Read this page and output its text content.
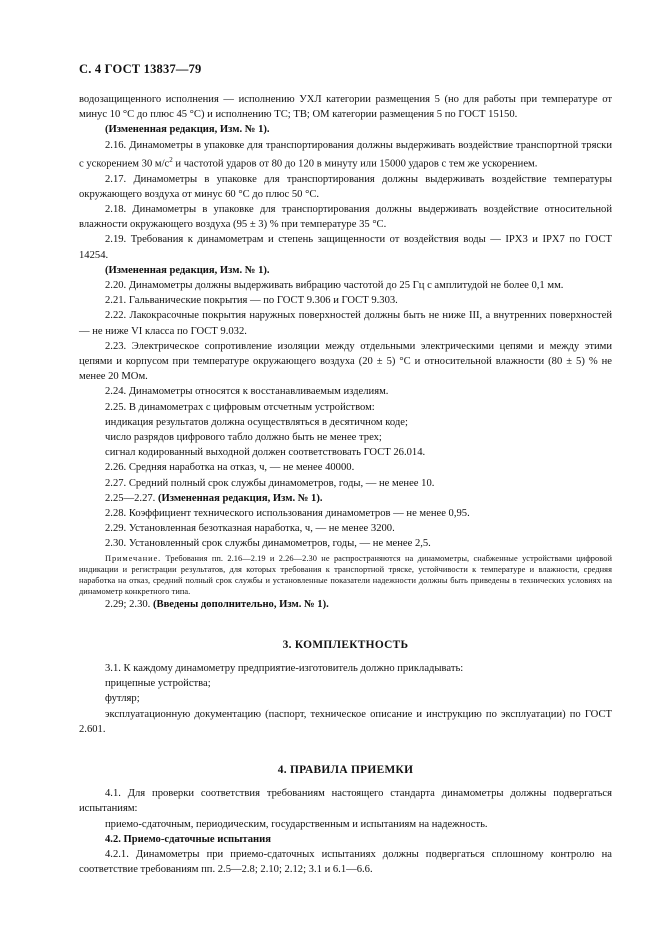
С. 4 ГОСТ 13837—79

водозащищенного исполнения — исполнению УХЛ категории размещения 5 (но для работы при температуре от минус 10 °С до плюс 45 °С) и исполнению ТС; ТВ; ОМ категории размещения 5 по ГОСТ 15150.

(Измененная редакция, Изм. № 1).

2.16. Динамометры в упаковке для транспортирования должны выдерживать воздействие транспортной тряски с ускорением 30 $м/с^2$ и частотой ударов от 80 до 120 в минуту или 15000 ударов с тем же ускорением.

2.17. Динамометры в упаковке для транспортирования должны выдерживать воздействие температуры окружающего воздуха от минус 60 °С до плюс 50 °С.

2.18. Динамометры в упаковке для транспортирования должны выдерживать воздействие относительной влажности окружающего воздуха (95 ± 3) % при температуре 35 °С.

2.19. Требования к динамометрам и степень защищенности от воздействия воды — IPX3 и IPX7 по ГОСТ 14254.

(Измененная редакция, Изм. № 1).

2.20. Динамометры должны выдерживать вибрацию частотой до 25 Гц с амплитудой не более 0,1 мм.

2.21. Гальванические покрытия — по ГОСТ 9.306 и ГОСТ 9.303.

2.22. Лакокрасочные покрытия наружных поверхностей должны быть не ниже III, а внутренних поверхностей — не ниже VI класса по ГОСТ 9.032.

2.23. Электрическое сопротивление изоляции между отдельными электрическими цепями и между этими цепями и корпусом при температуре окружающего воздуха (20 ± 5) °С и относительной влажности (80 ± 5) % не менее 20 МОм.

2.24. Динамометры относятся к восстанавливаемым изделиям.

2.25. В динамометрах с цифровым отсчетным устройством:

индикация результатов должна осуществляться в десятичном коде;

число разрядов цифрового табло должно быть не менее трех;

сигнал кодированный выходной должен соответствовать ГОСТ 26.014.

2.26. Средняя наработка на отказ, ч, — не менее 40000.

2.27. Средний полный срок службы динамометров, годы, — не менее 10.

2.25—2.27. (Измененная редакция, Изм. № 1).

2.28. Коэффициент технического использования динамометров — не менее 0,95.

2.29. Установленная безотказная наработка, ч, — не менее 3200.

2.30. Установленный срок службы динамометров, годы, — не менее 2,5.

Примечание. Требования пп. 2.16—2.19 и 2.26—2.30 не распространяются на динамометры, снабженные устройствами цифровой индикации и регистрации результатов, для которых требования к транспортной тряске, устойчивости к температуре и влажности, средняя наработка на отказ, средний полный срок службы и установленные показатели надежности должны быть приведены в технических условиях на динамометр конкретного типа.

2.29; 2.30. (Введены дополнительно, Изм. № 1).

3. КОМПЛЕКТНОСТЬ

3.1. К каждому динамометру предприятие-изготовитель должно прикладывать:

прицепные устройства;

футляр;

эксплуатационную документацию (паспорт, техническое описание и инструкцию по эксплуатации) по ГОСТ 2.601.

4. ПРАВИЛА ПРИЕМКИ

4.1. Для проверки соответствия требованиям настоящего стандарта динамометры должны подвергаться испытаниям:

приемо-сдаточным, периодическим, государственным и испытаниям на надежность.

4.2. Приемо-сдаточные испытания

4.2.1. Динамометры при приемо-сдаточных испытаниях должны подвергаться сплошному контролю на соответствие требованиям пп. 2.5—2.8; 2.10; 2.12; 3.1 и 6.1—6.6.
